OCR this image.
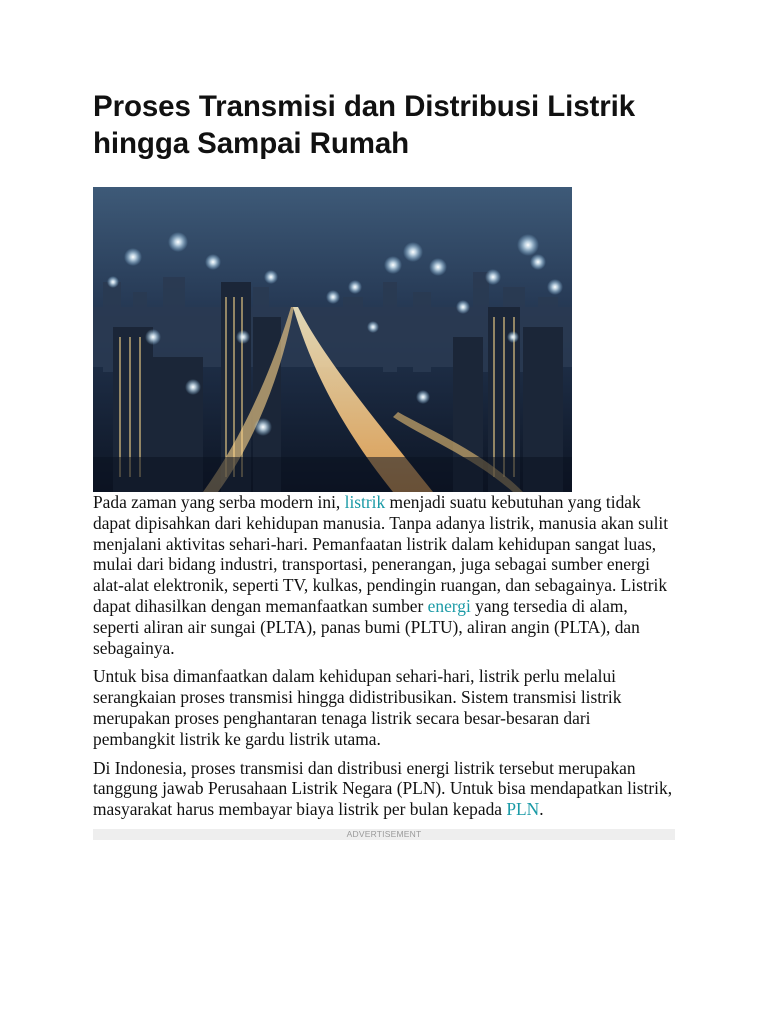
Proses Transmisi dan Distribusi Listrik hingga Sampai Rumah

Pada zaman yang serba modern ini, listrik menjadi suatu kebutuhan yang tidak dapat dipisahkan dari kehidupan manusia. Tanpa adanya listrik, manusia akan sulit menjalani aktivitas sehari-hari. Pemanfaatan listrik dalam kehidupan sangat luas, mulai dari bidang industri, transportasi, penerangan, juga sebagai sumber energi alat-alat elektronik, seperti TV, kulkas, pendingin ruangan, dan sebagainya. Listrik dapat dihasilkan dengan memanfaatkan sumber energi yang tersedia di alam, seperti aliran air sungai (PLTA), panas bumi (PLTU), aliran angin (PLTA), dan sebagainya.

Untuk bisa dimanfaatkan dalam kehidupan sehari-hari, listrik perlu melalui serangkaian proses transmisi hingga didistribusikan. Sistem transmisi listrik merupakan proses penghantaran tenaga listrik secara besar-besaran dari pembangkit listrik ke gardu listrik utama.

Di Indonesia, proses transmisi dan distribusi energi listrik tersebut merupakan tanggung jawab Perusahaan Listrik Negara (PLN). Untuk bisa mendapatkan listrik, masyarakat harus membayar biaya listrik per bulan kepada PLN.

ADVERTISEMENT
